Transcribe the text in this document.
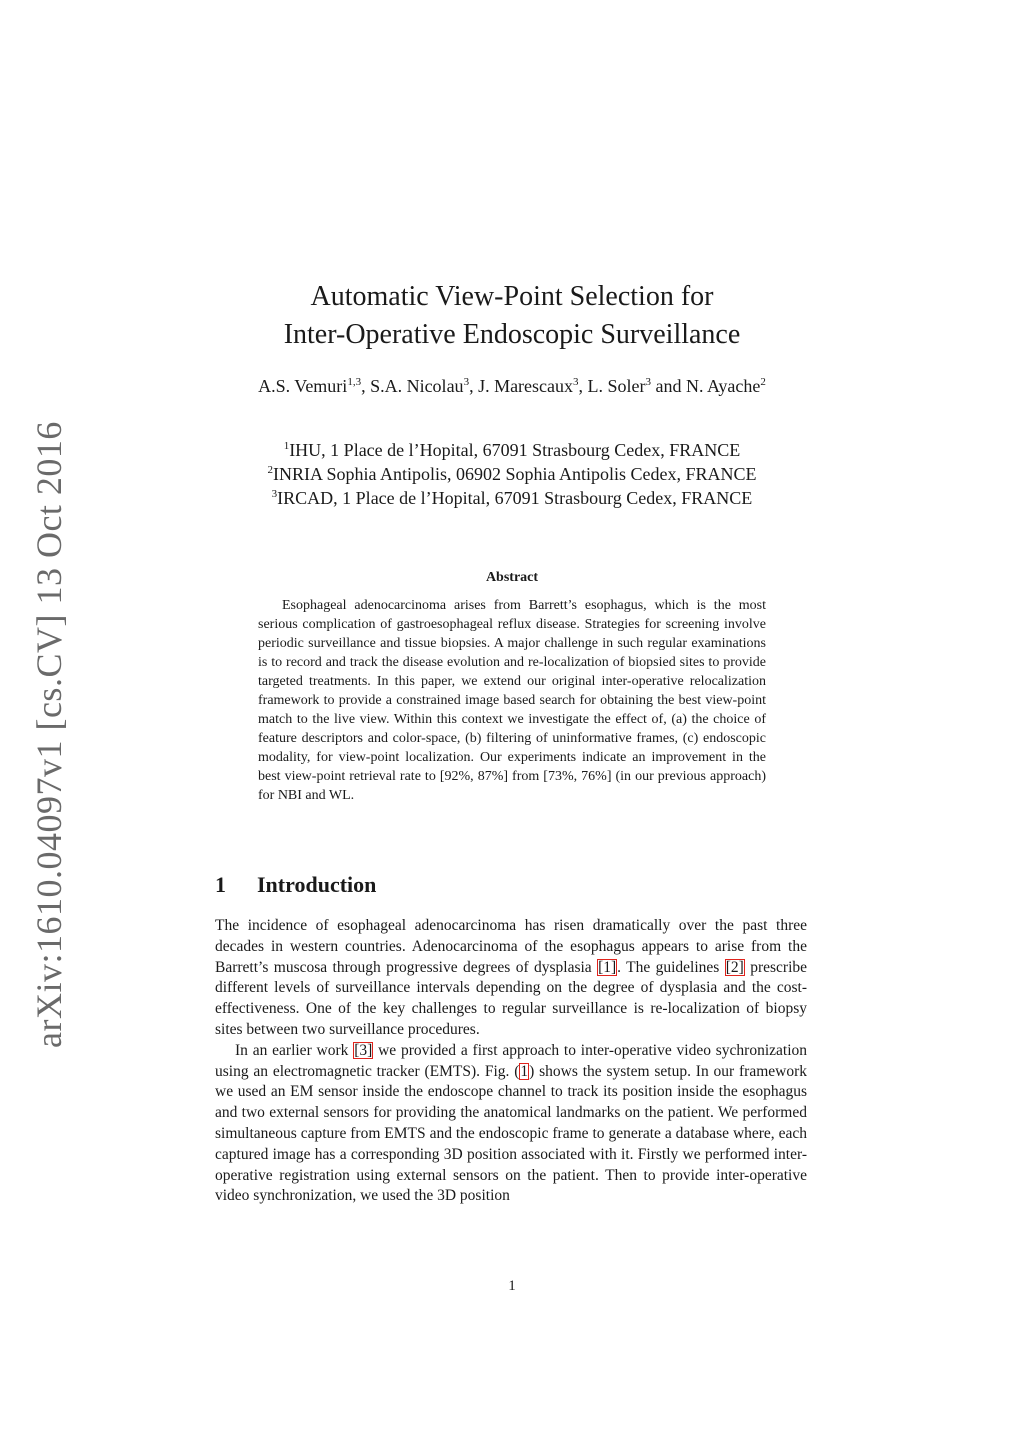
arXiv:1610.04097v1 [cs.CV] 13 Oct 2016
Automatic View-Point Selection for
Inter-Operative Endoscopic Surveillance
A.S. Vemuri$^{1,3}$, S.A. Nicolau$^3$, J. Marescaux$^3$, L. Soler$^3$ and N. Ayache$^2$
$^1$IHU, 1 Place de l’Hopital, 67091 Strasbourg Cedex, FRANCE
$^2$INRIA Sophia Antipolis, 06902 Sophia Antipolis Cedex, FRANCE
$^3$IRCAD, 1 Place de l’Hopital, 67091 Strasbourg Cedex, FRANCE
Abstract
Esophageal adenocarcinoma arises from Barrett’s esophagus, which is the most serious complication of gastroesophageal reflux disease. Strategies for screening involve periodic surveillance and tissue biopsies. A major challenge in such regular examinations is to record and track the disease evolution and re-localization of biopsied sites to provide targeted treatments. In this paper, we extend our original inter-operative relocalization framework to provide a constrained image based search for obtaining the best view-point match to the live view. Within this context we investigate the effect of, (a) the choice of feature descriptors and color-space, (b) filtering of uninformative frames, (c) endoscopic modality, for view-point localization. Our experiments indicate an improvement in the best view-point retrieval rate to [92%, 87%] from [73%, 76%] (in our previous approach) for NBI and WL.
1 Introduction

The incidence of esophageal adenocarcinoma has risen dramatically over the past three decades in western countries. Adenocarcinoma of the esophagus appears to arise from the Barrett’s muscosa through progressive degrees of dysplasia [1]. The guidelines [2] prescribe different levels of surveillance intervals depending on the degree of dysplasia and the cost-effectiveness. One of the key challenges to regular surveillance is re-localization of biopsy sites between two surveillance procedures.

In an earlier work [3] we provided a first approach to inter-operative video sychronization using an electromagnetic tracker (EMTS). Fig. (1) shows the system setup. In our framework we used an EM sensor inside the endoscope channel to track its position inside the esophagus and two external sensors for providing the anatomical landmarks on the patient. We performed simultaneous capture from EMTS and the endoscopic frame to generate a database where, each captured image has a corresponding 3D position associated with it. Firstly we performed inter-operative registration using external sensors on the patient. Then to provide inter-operative video synchronization, we used the 3D position

1
